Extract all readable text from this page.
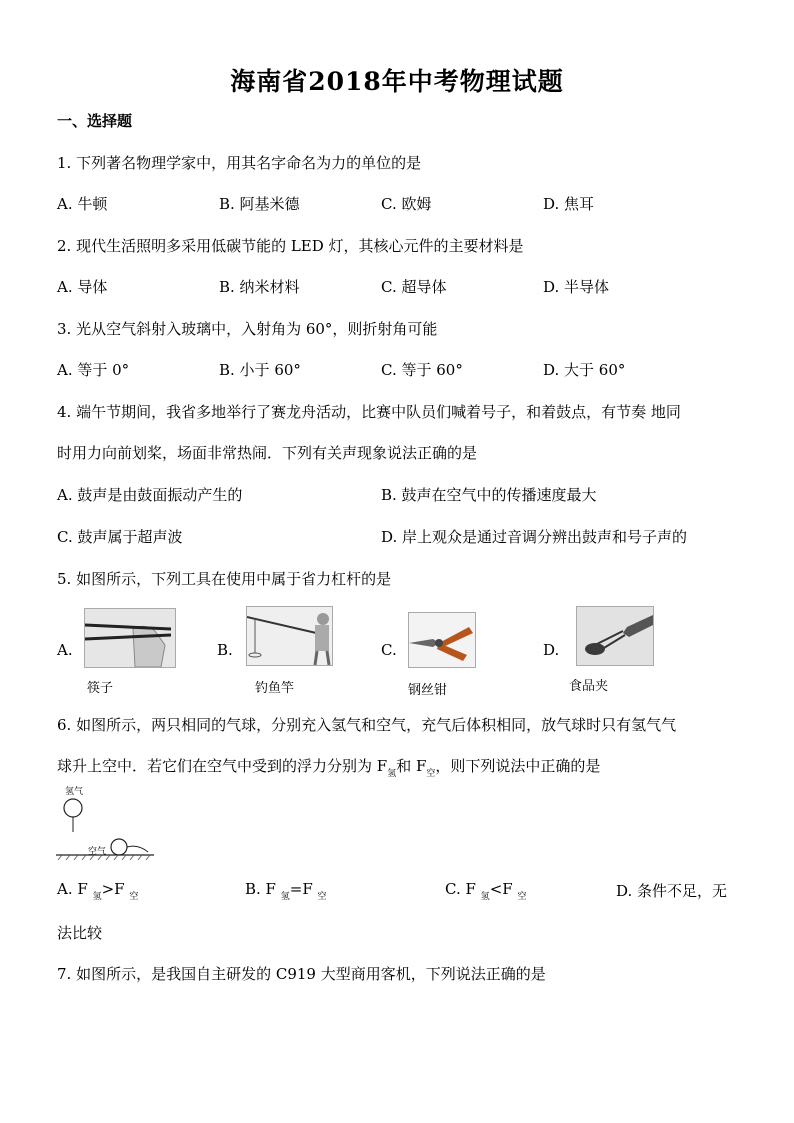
海南省2018年中考物理试题
一、选择题
1. 下列著名物理学家中，用其名字命名为力的单位的是
A. 牛顿	B. 阿基米德	C. 欧姆	D. 焦耳
2. 现代生活照明多采用低碳节能的 LED 灯，其核心元件的主要材料是
A. 导体	B. 纳米材料	C. 超导体	D. 半导体
3. 光从空气斜射入玻璃中，入射角为 60°，则折射角可能
A. 等于 0°	B. 小于 60°	C. 等于 60°	D. 大于 60°
4. 端午节期间，我省多地举行了赛龙舟活动，比赛中队员们喊着号子，和着鼓点，有节奏 地同
时用力向前划桨，场面非常热闹．下列有关声现象说法正确的是
A. 鼓声是由鼓面振动产生的	B. 鼓声在空气中的传播速度最大
C. 鼓声属于超声波	D. 岸上观众是通过音调分辨出鼓声和号子声的
5. 如图所示，下列工具在使用中属于省力杠杆的是
A.	B.	C.	D.
筷子	钓鱼竿	钢丝钳	食品夹
6. 如图所示，两只相同的气球，分别充入氢气和空气，充气后体积相同，放气球时只有氢气气
球升上空中．若它们在空气中受到的浮力分别为 $F_氢$和 $F_空$，则下列说法中正确的是
氢气
空气
A. F $_氢$>F $_空$	B. F $_氢$=F $_空$	C. F $_氢$<F $_空$	D. 条件不足，无
法比较
7. 如图所示，是我国自主研发的 C919 大型商用客机，下列说法正确的是
